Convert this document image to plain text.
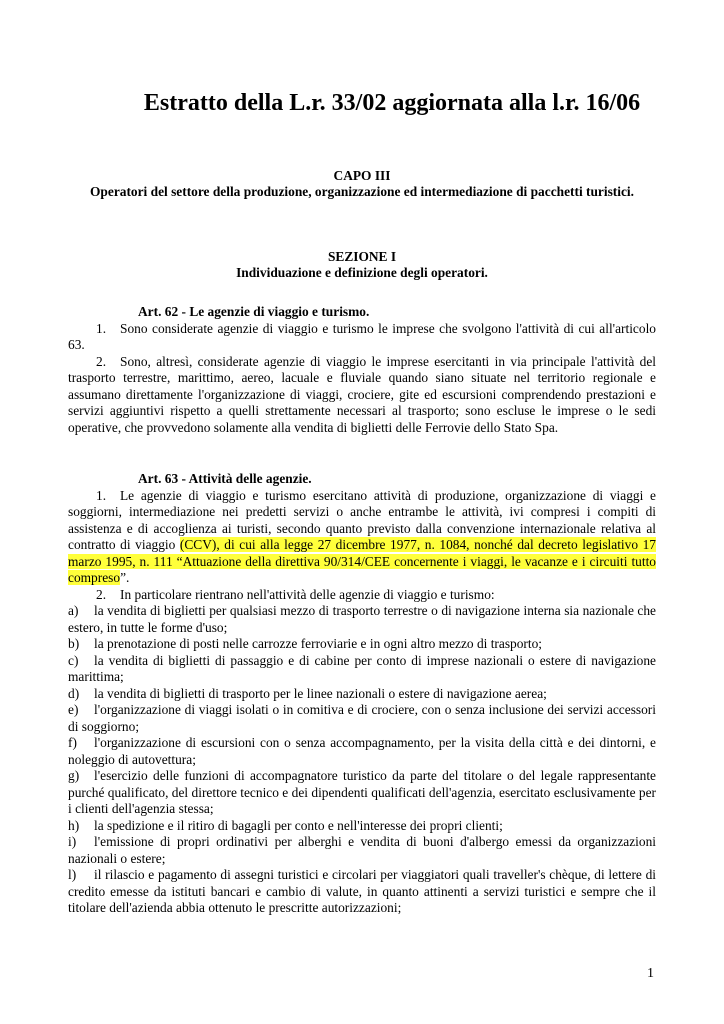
Estratto della L.r. 33/02 aggiornata alla l.r. 16/06
CAPO III
Operatori del settore della produzione, organizzazione ed intermediazione di pacchetti turistici.
SEZIONE I
Individuazione e definizione degli operatori.

Art. 62 - Le agenzie di viaggio e turismo.

1. Sono considerate agenzie di viaggio e turismo le imprese che svolgono l'attività di cui all'articolo 63.

2. Sono, altresì, considerate agenzie di viaggio le imprese esercitanti in via principale l'attività del trasporto terrestre, marittimo, aereo, lacuale e fluviale quando siano situate nel territorio regionale e assumano direttamente l'organizzazione di viaggi, crociere, gite ed escursioni comprendendo prestazioni e servizi aggiuntivi rispetto a quelli strettamente necessari al trasporto; sono escluse le imprese o le sedi operative, che provvedono solamente alla vendita di biglietti delle Ferrovie dello Stato Spa.

Art. 63 - Attività delle agenzie.

1. Le agenzie di viaggio e turismo esercitano attività di produzione, organizzazione di viaggi e soggiorni, intermediazione nei predetti servizi o anche entrambe le attività, ivi compresi i compiti di assistenza e di accoglienza ai turisti, secondo quanto previsto dalla convenzione internazionale relativa al contratto di viaggio (CCV), di cui alla legge 27 dicembre 1977, n. 1084, nonché dal decreto legislativo 17 marzo 1995, n. 111 “Attuazione della direttiva 90/314/CEE concernente i viaggi, le vacanze e i circuiti tutto compreso”.

2. In particolare rientrano nell'attività delle agenzie di viaggio e turismo:

a) la vendita di biglietti per qualsiasi mezzo di trasporto terrestre o di navigazione interna sia nazionale che estero, in tutte le forme d'uso;

b) la prenotazione di posti nelle carrozze ferroviarie e in ogni altro mezzo di trasporto;

c) la vendita di biglietti di passaggio e di cabine per conto di imprese nazionali o estere di navigazione marittima;

d) la vendita di biglietti di trasporto per le linee nazionali o estere di navigazione aerea;

e) l'organizzazione di viaggi isolati o in comitiva e di crociere, con o senza inclusione dei servizi accessori di soggiorno;

f) l'organizzazione di escursioni con o senza accompagnamento, per la visita della città e dei dintorni, e noleggio di autovettura;

g) l'esercizio delle funzioni di accompagnatore turistico da parte del titolare o del legale rappresentante purché qualificato, del direttore tecnico e dei dipendenti qualificati dell'agenzia, esercitato esclusivamente per i clienti dell'agenzia stessa;

h) la spedizione e il ritiro di bagagli per conto e nell'interesse dei propri clienti;

i) l'emissione di propri ordinativi per alberghi e vendita di buoni d'albergo emessi da organizzazioni nazionali o estere;

l) il rilascio e pagamento di assegni turistici e circolari per viaggiatori quali traveller's chèque, di lettere di credito emesse da istituti bancari e cambio di valute, in quanto attinenti a servizi turistici e sempre che il titolare dell'azienda abbia ottenuto le prescritte autorizzazioni;

1
